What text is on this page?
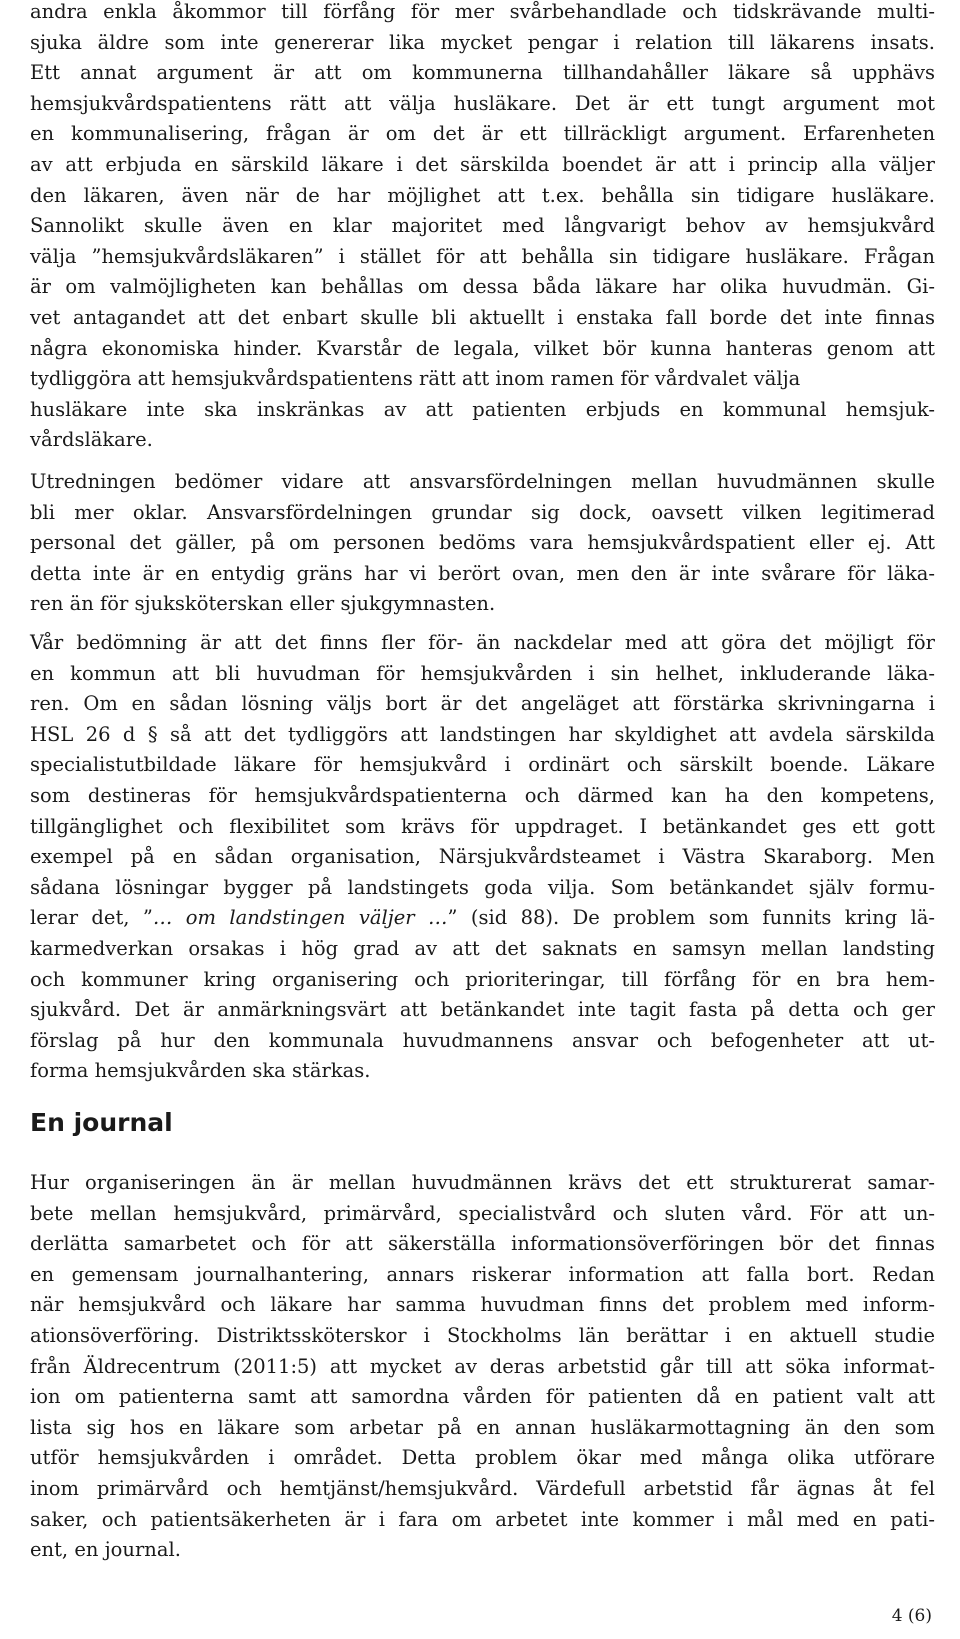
andra enkla åkommor till förfång för mer svårbehandlade och tidskrävande multi-
sjuka äldre som inte genererar lika mycket pengar i relation till läkarens insats.
Ett annat argument är att om kommunerna tillhandahåller läkare så upphävs
hemsjukvårdspatientens rätt att välja husläkare. Det är ett tungt argument mot
en kommunalisering, frågan är om det är ett tillräckligt argument. Erfarenheten
av att erbjuda en särskild läkare i det särskilda boendet är att i princip alla väljer
den läkaren, även när de har möjlighet att t.ex. behålla sin tidigare husläkare.
Sannolikt skulle även en klar majoritet med långvarigt behov av hemsjukvård
välja ”hemsjukvårdsläkaren” i stället för att behålla sin tidigare husläkare. Frågan
är om valmöjligheten kan behållas om dessa båda läkare har olika huvudmän. Gi-
vet antagandet att det enbart skulle bli aktuellt i enstaka fall borde det inte finnas
några ekonomiska hinder. Kvarstår de legala, vilket bör kunna hanteras genom att
tydliggöra att hemsjukvårdspatientens rätt att inom ramen för vårdvalet välja
husläkare inte ska inskränkas av att patienten erbjuds en kommunal hemsjuk-
vårdsläkare.
Utredningen bedömer vidare att ansvarsfördelningen mellan huvudmännen skulle
bli mer oklar. Ansvarsfördelningen grundar sig dock, oavsett vilken legitimerad
personal det gäller, på om personen bedöms vara hemsjukvårdspatient eller ej. Att
detta inte är en entydig gräns har vi berört ovan, men den är inte svårare för läka-
ren än för sjuksköterskan eller sjukgymnasten.
Vår bedömning är att det finns fler för- än nackdelar med att göra det möjligt för
en kommun att bli huvudman för hemsjukvården i sin helhet, inkluderande läka-
ren. Om en sådan lösning väljs bort är det angeläget att förstärka skrivningarna i
HSL 26 d § så att det tydliggörs att landstingen har skyldighet att avdela särskilda
specialistutbildade läkare för hemsjukvård i ordinärt och särskilt boende. Läkare
som destineras för hemsjukvårdspatienterna och därmed kan ha den kompetens,
tillgänglighet och flexibilitet som krävs för uppdraget. I betänkandet ges ett gott
exempel på en sådan organisation, Närsjukvårdsteamet i Västra Skaraborg. Men
sådana lösningar bygger på landstingets goda vilja. Som betänkandet själv formu-
lerar det, ”… om landstingen väljer …” (sid 88). De problem som funnits kring lä-
karmedverkan orsakas i hög grad av att det saknats en samsyn mellan landsting
och kommuner kring organisering och prioriteringar, till förfång för en bra hem-
sjukvård. Det är anmärkningsvärt att betänkandet inte tagit fasta på detta och ger
förslag på hur den kommunala huvudmannens ansvar och befogenheter att ut-
forma hemsjukvården ska stärkas.
En journal
Hur organiseringen än är mellan huvudmännen krävs det ett strukturerat samar-
bete mellan hemsjukvård, primärvård, specialistvård och sluten vård. För att un-
derlätta samarbetet och för att säkerställa informationsöverföringen bör det finnas
en gemensam journalhantering, annars riskerar information att falla bort. Redan
när hemsjukvård och läkare har samma huvudman finns det problem med inform-
ationsöverföring. Distriktssköterskor i Stockholms län berättar i en aktuell studie
från Äldrecentrum (2011:5) att mycket av deras arbetstid går till att söka informat-
ion om patienterna samt att samordna vården för patienten då en patient valt att
lista sig hos en läkare som arbetar på en annan husläkarmottagning än den som
utför hemsjukvården i området. Detta problem ökar med många olika utförare
inom primärvård och hemtjänst/hemsjukvård. Värdefull arbetstid får ägnas åt fel
saker, och patientsäkerheten är i fara om arbetet inte kommer i mål med en pati-
ent, en journal.
4 (6)
